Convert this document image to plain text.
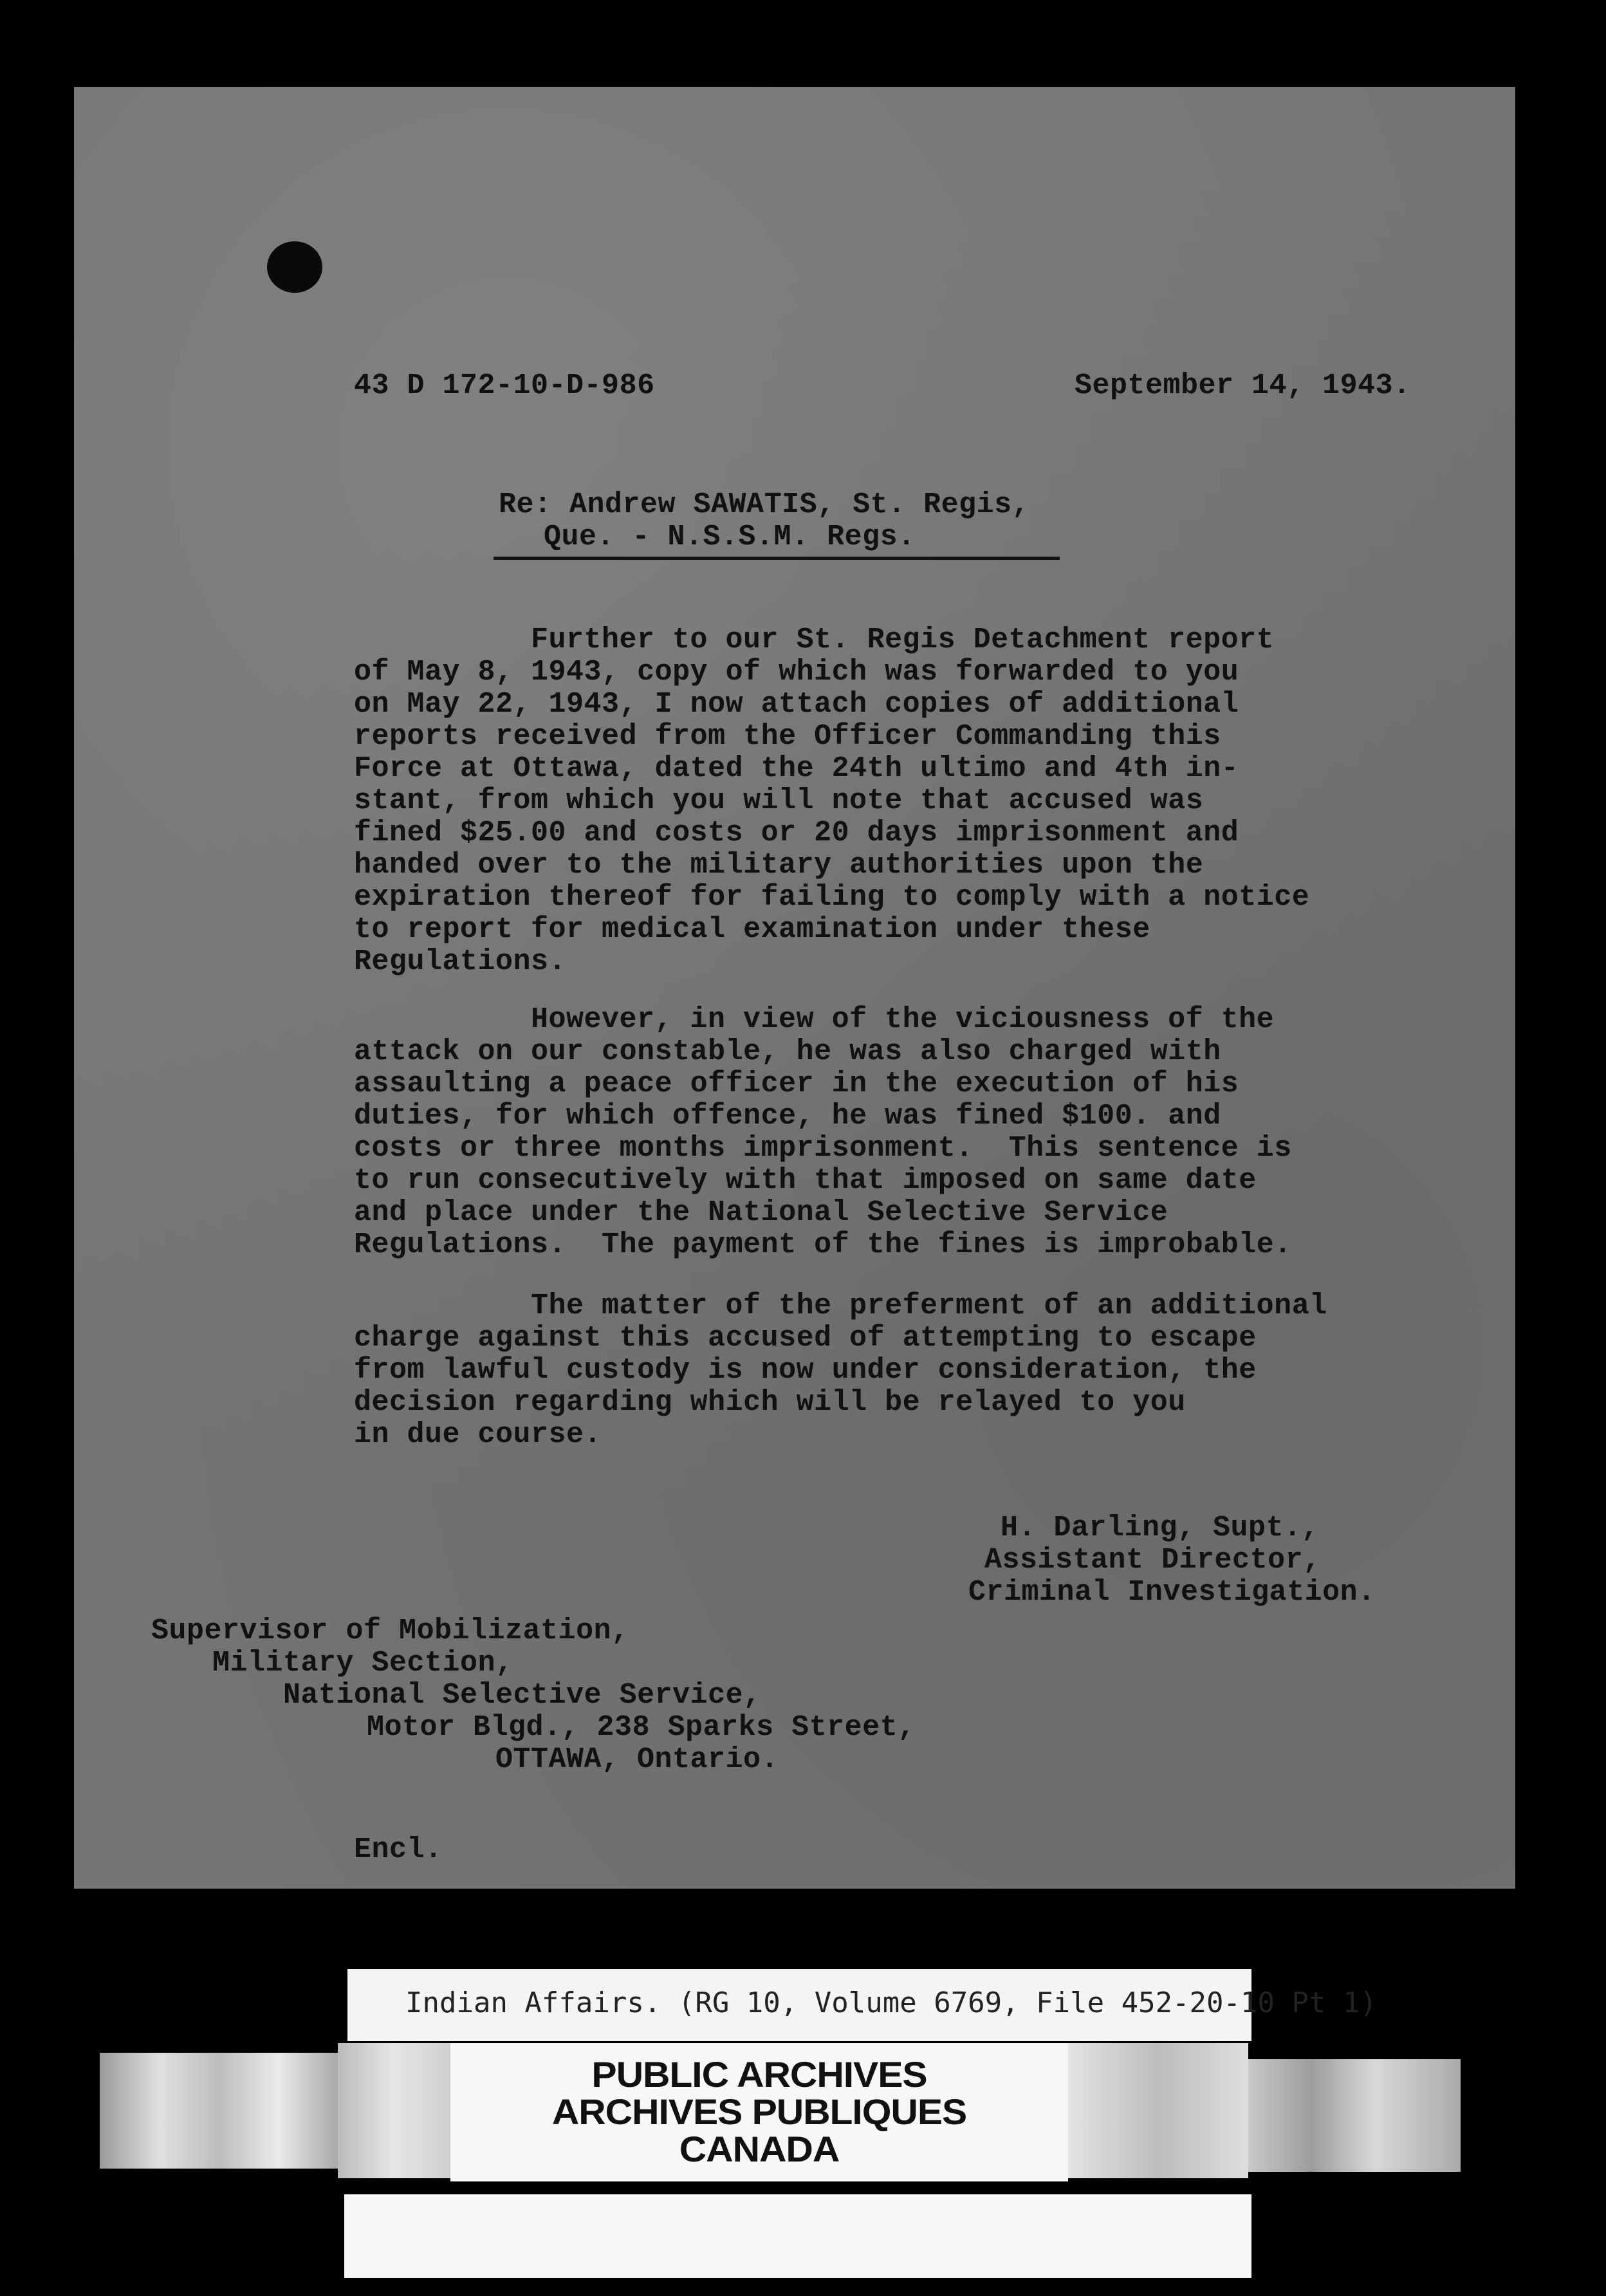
43 D 172-10-D-986	September 14, 1943.
Re: Andrew SAWATIS, St. Regis,
Que. - N.S.S.M. Regs.
Further to our St. Regis Detachment report
of May 8, 1943, copy of which was forwarded to you
on May 22, 1943, I now attach copies of additional
reports received from the Officer Commanding this
Force at Ottawa, dated the 24th ultimo and 4th in-
stant, from which you will note that accused was
fined $25.00 and costs or 20 days imprisonment and
handed over to the military authorities upon the
expiration thereof for failing to comply with a notice
to report for medical examination under these
Regulations.
However, in view of the viciousness of the
attack on our constable, he was also charged with
assaulting a peace officer in the execution of his
duties, for which offence, he was fined $100. and
costs or three months imprisonment.  This sentence is
to run consecutively with that imposed on same date
and place under the National Selective Service
Regulations.  The payment of the fines is improbable.
The matter of the preferment of an additional
charge against this accused of attempting to escape
from lawful custody is now under consideration, the
decision regarding which will be relayed to you
in due course.
H. Darling, Supt.,
Assistant Director,
Criminal Investigation.
Supervisor of Mobilization,
Military Section,
National Selective Service,
Motor Blgd., 238 Sparks Street,
OTTAWA, Ontario.
Encl.
Indian Affairs. (RG 10, Volume 6769, File 452-20-10 Pt 1)
PUBLIC ARCHIVES
ARCHIVES PUBLIQUES
CANADA
